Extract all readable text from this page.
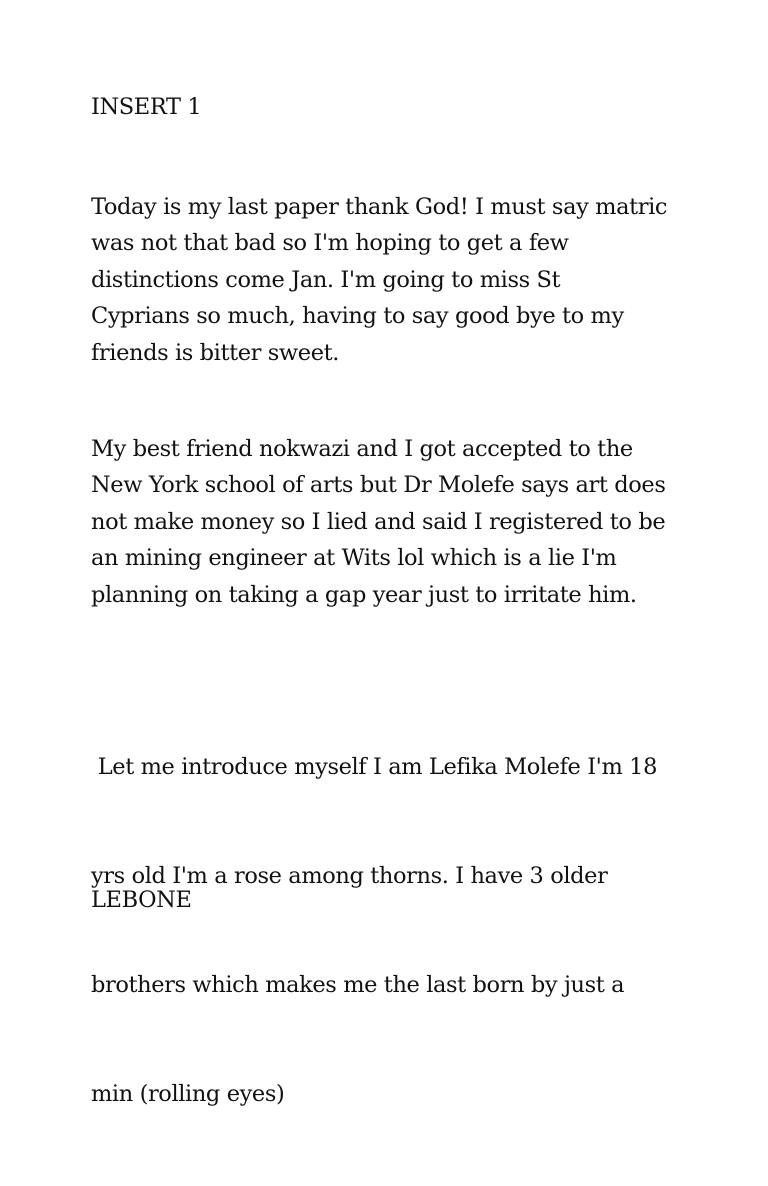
INSERT 1

Today is my last paper thank God! I must say matric
was not that bad so I'm hoping to get a few
distinctions come Jan. I'm going to miss St
Cyprians so much, having to say good bye to my
friends is bitter sweet.

My best friend nokwazi and I got accepted to the
New York school of arts but Dr Molefe says art does
not make money so I lied and said I registered to be
an mining engineer at Wits lol which is a lie I'm
planning on taking a gap year just to irritate him.

Let me introduce myself I am Lefika Molefe I'm 18

yrs old I'm a rose among thorns. I have 3 older

brothers which makes me the last born by just a

min (rolling eyes)

LEBONE
